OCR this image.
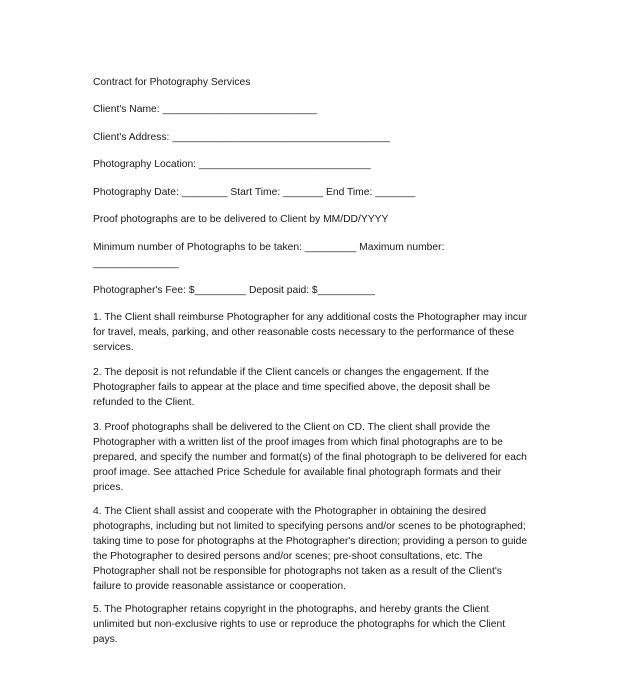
Contract for Photography Services
Client's Name: ___________________________
Client's Address: ______________________________________
Photography Location: ______________________________
Photography Date: ________ Start Time: _______ End Time: _______
Proof photographs are to be delivered to Client by MM/DD/YYYY
Minimum number of Photographs to be taken: _________ Maximum number:
_______________
Photographer's Fee: $_________ Deposit paid: $__________
1. The Client shall reimburse Photographer for any additional costs the Photographer may incur
for travel, meals, parking, and other reasonable costs necessary to the performance of these
services.
2. The deposit is not refundable if the Client cancels or changes the engagement. If the
Photographer fails to appear at the place and time specified above, the deposit shall be
refunded to the Client.
3. Proof photographs shall be delivered to the Client on CD. The client shall provide the
Photographer with a written list of the proof images from which final photographs are to be
prepared, and specify the number and format(s) of the final photograph to be delivered for each
proof image. See attached Price Schedule for available final photograph formats and their
prices.
4. The Client shall assist and cooperate with the Photographer in obtaining the desired
photographs, including but not limited to specifying persons and/or scenes to be photographed;
taking time to pose for photographs at the Photographer's direction; providing a person to guide
the Photographer to desired persons and/or scenes; pre-shoot consultations, etc. The
Photographer shall not be responsible for photographs not taken as a result of the Client's
failure to provide reasonable assistance or cooperation.
5. The Photographer retains copyright in the photographs, and hereby grants the Client
unlimited but non-exclusive rights to use or reproduce the photographs for which the Client
pays.
